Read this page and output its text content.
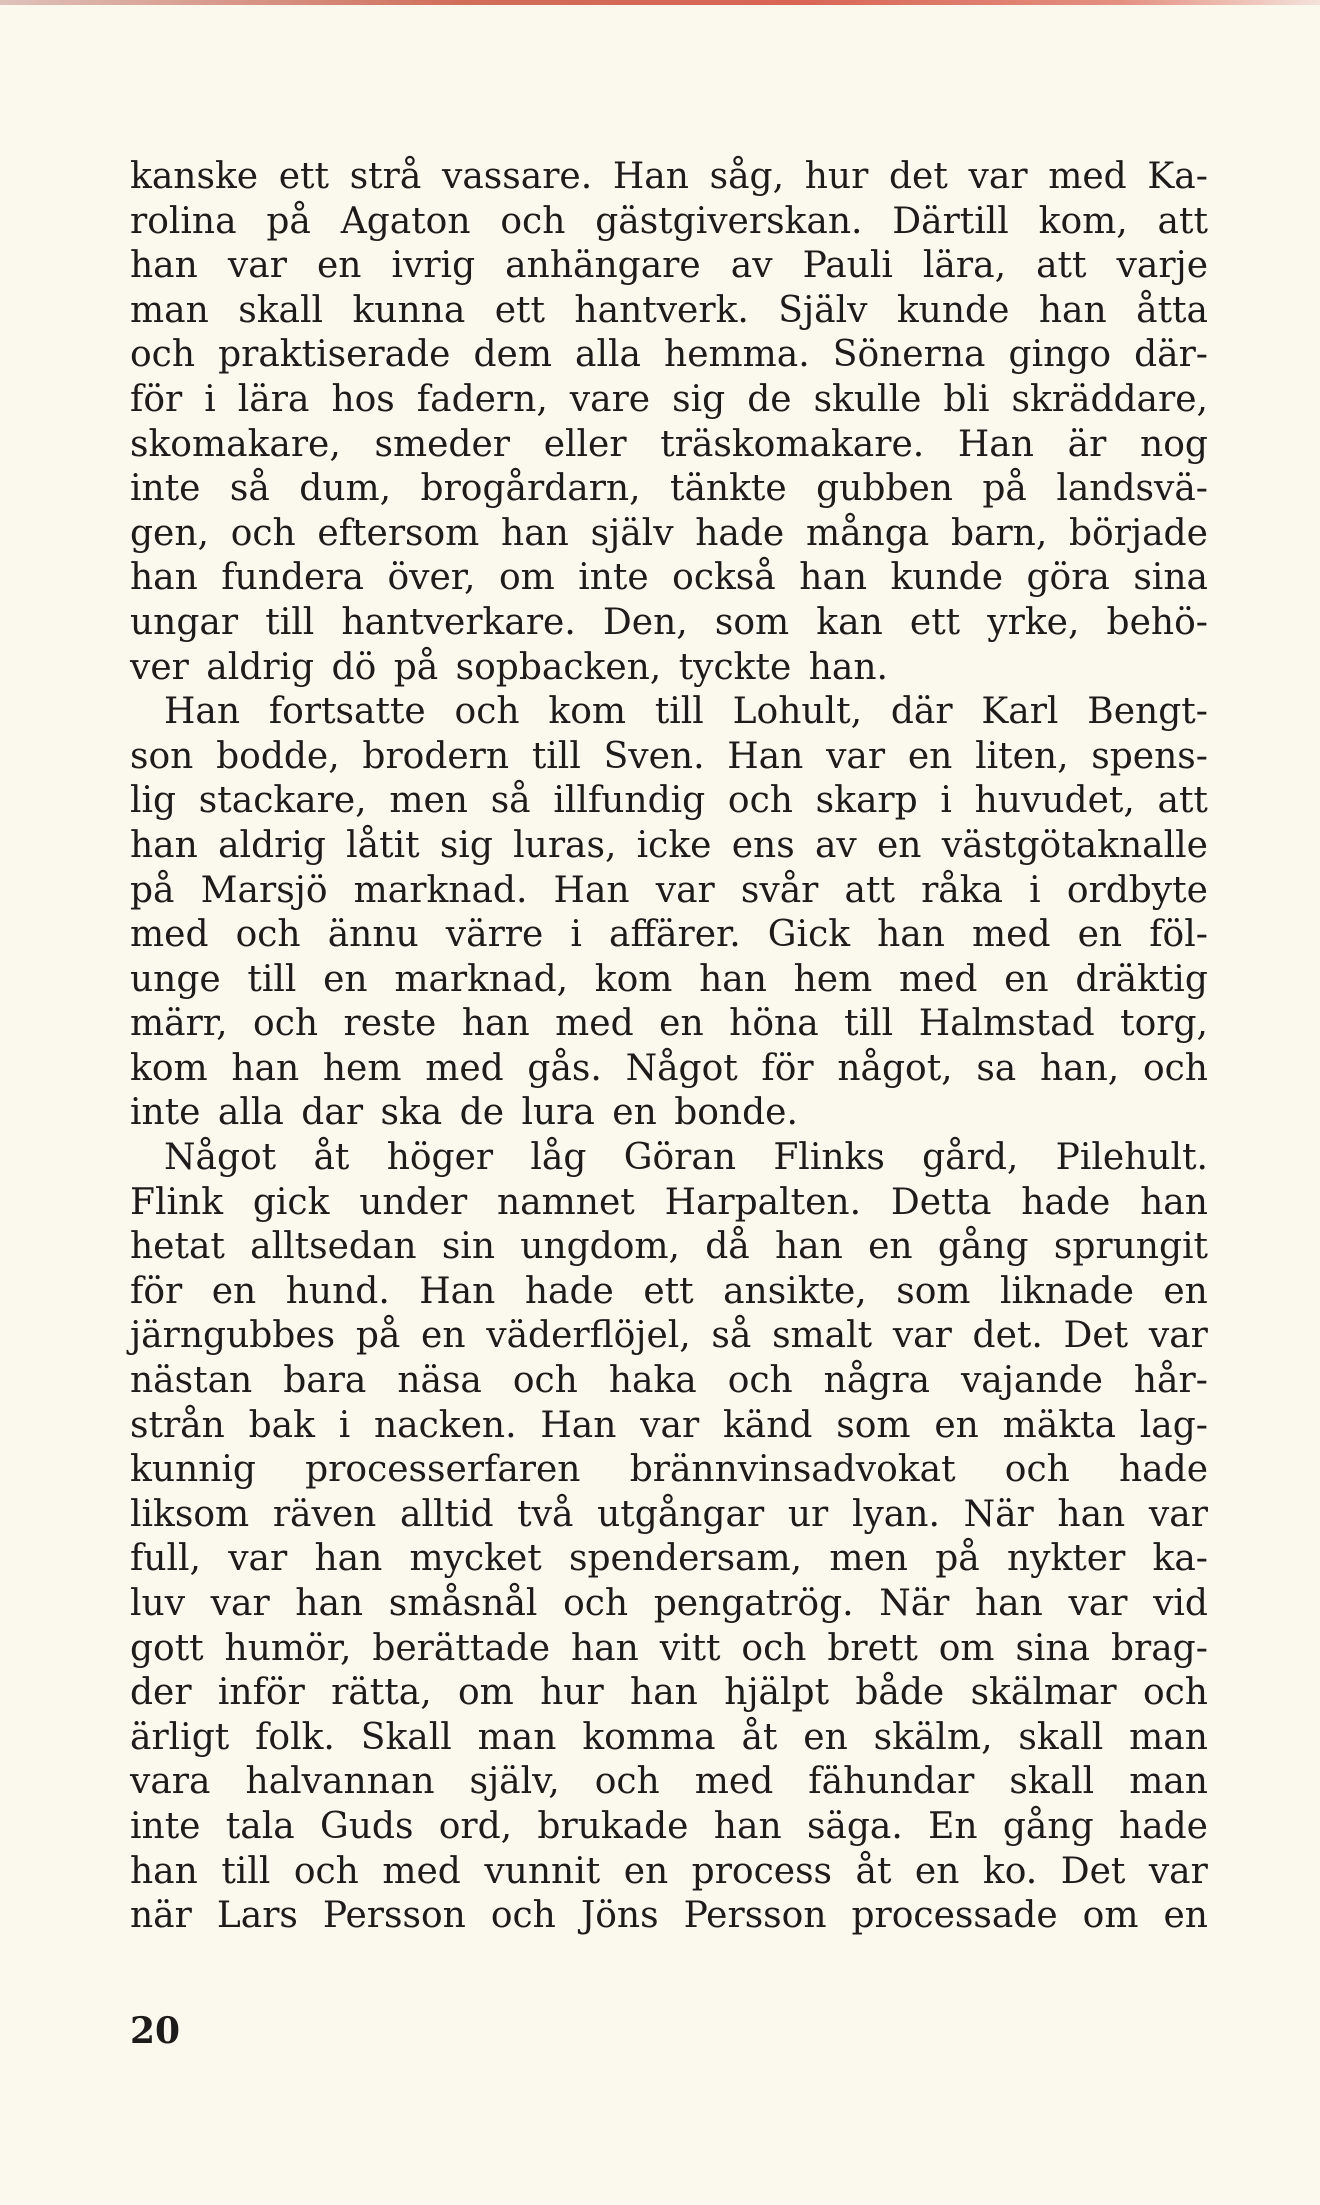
kanske ett strå vassare. Han såg, hur det var med Ka-
rolina på Agaton och gästgiverskan. Därtill kom, att
han var en ivrig anhängare av Pauli lära, att varje
man skall kunna ett hantverk. Själv kunde han åtta
och praktiserade dem alla hemma. Sönerna gingo där-
för i lära hos fadern, vare sig de skulle bli skräddare,
skomakare, smeder eller träskomakare. Han är nog
inte så dum, brogårdarn, tänkte gubben på landsvä-
gen, och eftersom han själv hade många barn, började
han fundera över, om inte också han kunde göra sina
ungar till hantverkare. Den, som kan ett yrke, behö-
ver aldrig dö på sopbacken, tyckte han.
Han fortsatte och kom till Lohult, där Karl Bengt-
son bodde, brodern till Sven. Han var en liten, spens-
lig stackare, men så illfundig och skarp i huvudet, att
han aldrig låtit sig luras, icke ens av en västgötaknalle
på Marsjö marknad. Han var svår att råka i ordbyte
med och ännu värre i affärer. Gick han med en föl-
unge till en marknad, kom han hem med en dräktig
märr, och reste han med en höna till Halmstad torg,
kom han hem med gås. Något för något, sa han, och
inte alla dar ska de lura en bonde.
Något åt höger låg Göran Flinks gård, Pilehult.
Flink gick under namnet Harpalten. Detta hade han
hetat alltsedan sin ungdom, då han en gång sprungit
för en hund. Han hade ett ansikte, som liknade en
järngubbes på en väderflöjel, så smalt var det. Det var
nästan bara näsa och haka och några vajande hår-
strån bak i nacken. Han var känd som en mäkta lag-
kunnig processerfaren brännvinsadvokat och hade
liksom räven alltid två utgångar ur lyan. När han var
full, var han mycket spendersam, men på nykter ka-
luv var han småsnål och pengatrög. När han var vid
gott humör, berättade han vitt och brett om sina brag-
der inför rätta, om hur han hjälpt både skälmar och
ärligt folk. Skall man komma åt en skälm, skall man
vara halvannan själv, och med fähundar skall man
inte tala Guds ord, brukade han säga. En gång hade
han till och med vunnit en process åt en ko. Det var
när Lars Persson och Jöns Persson processade om en
20
